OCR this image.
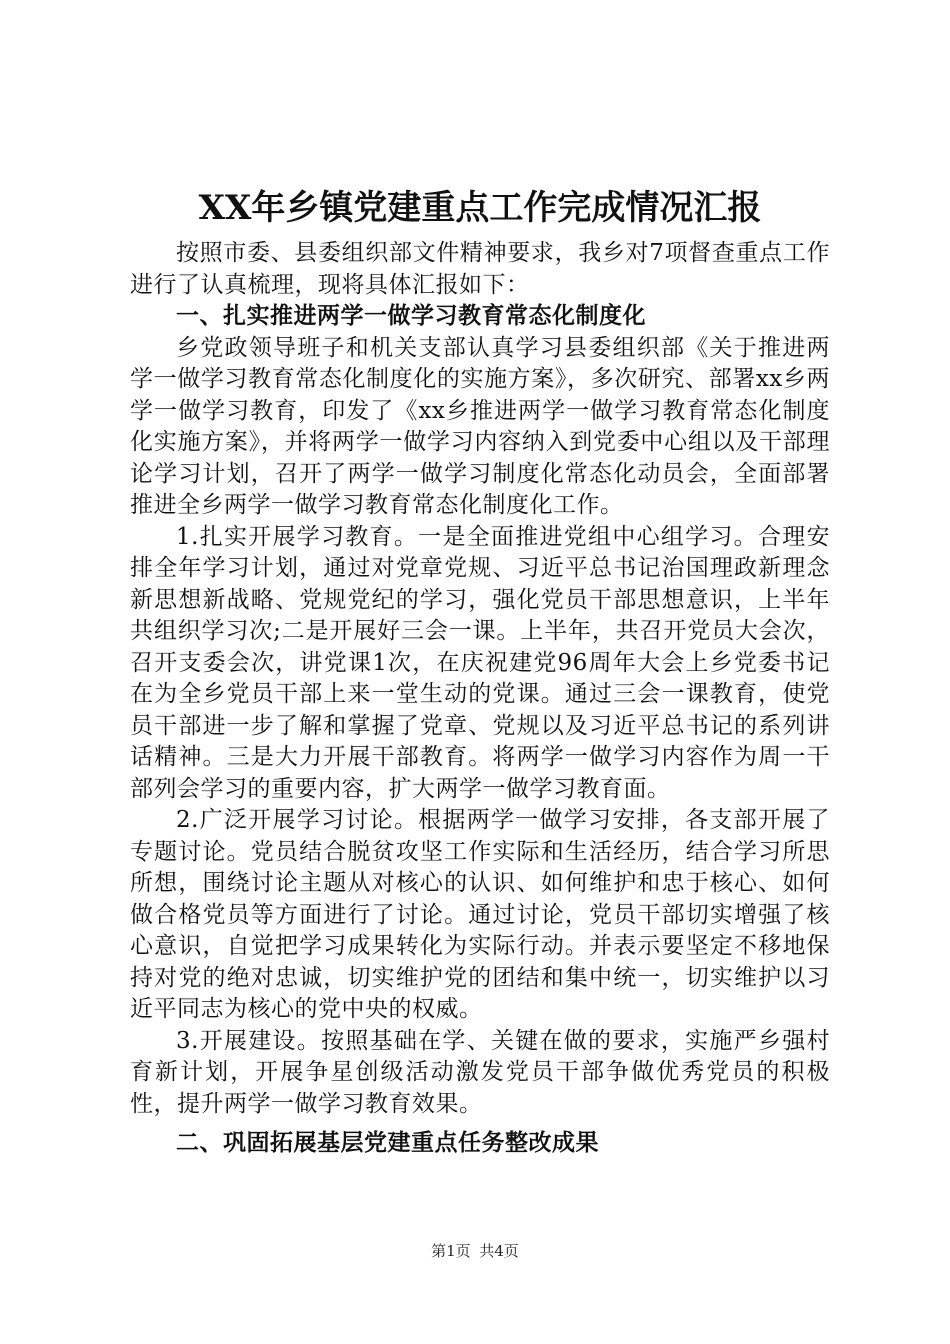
XX年乡镇党建重点工作完成情况汇报

按照市委、县委组织部文件精神要求，我乡对7项督查重点工作进行了认真梳理，现将具体汇报如下：

一、扎实推进两学一做学习教育常态化制度化

乡党政领导班子和机关支部认真学习县委组织部《关于推进两学一做学习教育常态化制度化的实施方案》，多次研究、部署xx乡两学一做学习教育，印发了《xx乡推进两学一做学习教育常态化制度化实施方案》，并将两学一做学习内容纳入到党委中心组以及干部理论学习计划，召开了两学一做学习制度化常态化动员会，全面部署推进全乡两学一做学习教育常态化制度化工作。

1.扎实开展学习教育。一是全面推进党组中心组学习。合理安排全年学习计划，通过对党章党规、习近平总书记治国理政新理念新思想新战略、党规党纪的学习，强化党员干部思想意识，上半年共组织学习次;二是开展好三会一课。上半年，共召开党员大会次，召开支委会次，讲党课1次，在庆祝建党96周年大会上乡党委书记在为全乡党员干部上来一堂生动的党课。通过三会一课教育，使党员干部进一步了解和掌握了党章、党规以及习近平总书记的系列讲话精神。三是大力开展干部教育。将两学一做学习内容作为周一干部列会学习的重要内容，扩大两学一做学习教育面。

2.广泛开展学习讨论。根据两学一做学习安排，各支部开展了专题讨论。党员结合脱贫攻坚工作实际和生活经历，结合学习所思所想，围绕讨论主题从对核心的认识、如何维护和忠于核心、如何做合格党员等方面进行了讨论。通过讨论，党员干部切实增强了核心意识，自觉把学习成果转化为实际行动。并表示要坚定不移地保持对党的绝对忠诚，切实维护党的团结和集中统一，切实维护以习近平同志为核心的党中央的权威。

3.开展建设。按照基础在学、关键在做的要求，实施严乡强村育新计划，开展争星创级活动激发党员干部争做优秀党员的积极性，提升两学一做学习教育效果。

二、巩固拓展基层党建重点任务整改成果

第1页 共4页
